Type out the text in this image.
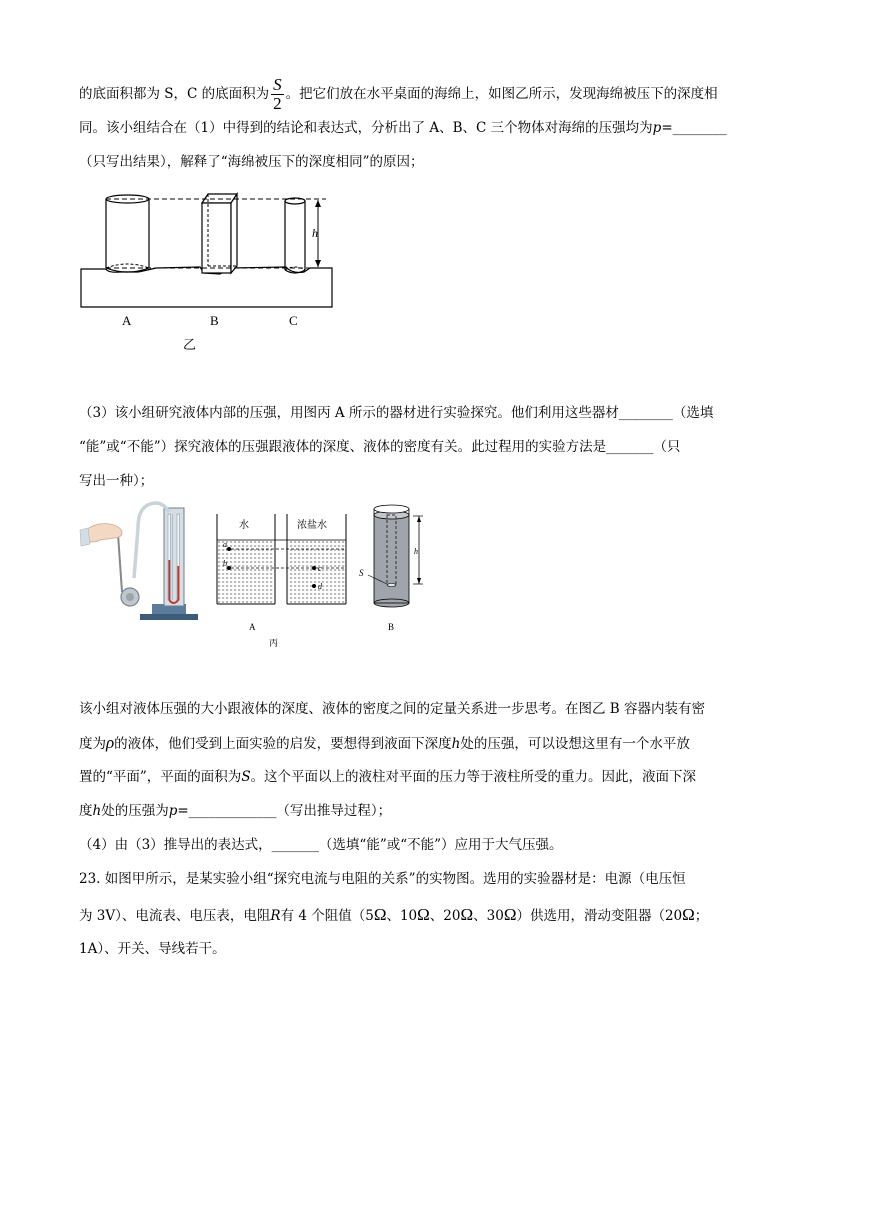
的底面积都为 S，C 的底面积为 $\frac{S}{2}$ 。把它们放在水平桌面的海绵上，如图乙所示，发现海绵被压下的深度相
同。该小组结合在（1）中得到的结论和表达式，分析出了 A、B、C 三个物体对海绵的压强均为p=________
（只写出结果），解释了“海绵被压下的深度相同”的原因；
h
A	B	C
乙
（3）该小组研究液体内部的压强，用图丙 A 所示的器材进行实验探究。他们利用这些器材________（选填
“能”或“不能”）探究液体的压强跟液体的深度、液体的密度有关。此过程用的实验方法是_______（只
写出一种）；
水	浓盐水
a
b
c
d
A
丙
h
S
B
该小组对液体压强的大小跟液体的深度、液体的密度之间的定量关系进一步思考。在图乙 B 容器内装有密
度为ρ的液体，他们受到上面实验的启发，要想得到液面下深度h处的压强，可以设想这里有一个水平放
置的“平面”，平面的面积为S。这个平面以上的液柱对平面的压力等于液柱所受的重力。因此，液面下深
度h处的压强为p=_____________（写出推导过程）；
（4）由（3）推导出的表达式，_______（选填“能”或“不能”）应用于大气压强。
23. 如图甲所示，是某实验小组“探究电流与电阻的关系”的实物图。选用的实验器材是：电源（电压恒
为 3V）、电流表、电压表，电阻R有 4 个阻值（5Ω、10Ω、20Ω、30Ω）供选用，滑动变阻器（20Ω；
1A）、开关、导线若干。
